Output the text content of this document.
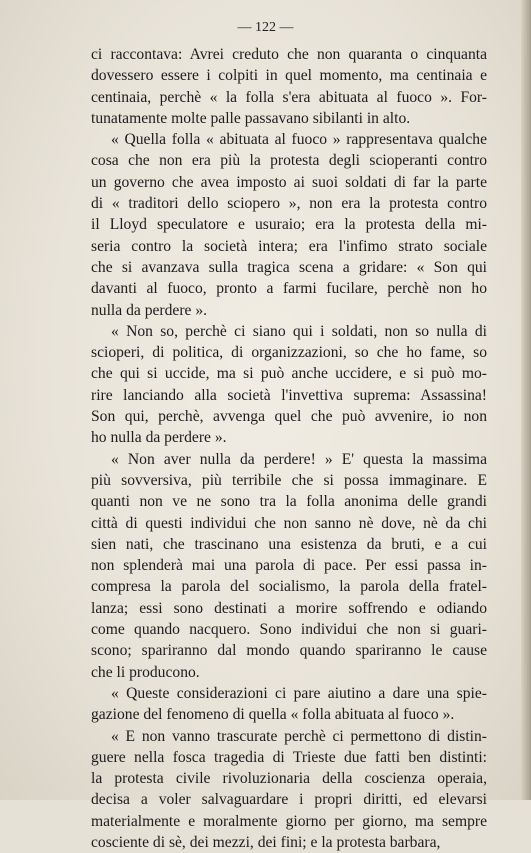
— 122 —

ci raccontava: Avrei creduto che non quaranta o cinquanta
dovessero essere i colpiti in quel momento, ma centinaia e
centinaia, perchè « la folla s'era abituata al fuoco ». For-
tunatamente molte palle passavano sibilanti in alto.

« Quella folla « abituata al fuoco » rappresentava qualche
cosa che non era più la protesta degli scioperanti contro
un governo che avea imposto ai suoi soldati di far la parte
di « traditori dello sciopero », non era la protesta contro
il Lloyd speculatore e usuraio; era la protesta della mi-
seria contro la società intera; era l'infimo strato sociale
che si avanzava sulla tragica scena a gridare: « Son qui
davanti al fuoco, pronto a farmi fucilare, perchè non ho
nulla da perdere ».

« Non so, perchè ci siano qui i soldati, non so nulla di
scioperi, di politica, di organizzazioni, so che ho fame, so
che qui si uccide, ma si può anche uccidere, e si può mo-
rire lanciando alla società l'invettiva suprema: Assassina!
Son qui, perchè, avvenga quel che può avvenire, io non
ho nulla da perdere ».

« Non aver nulla da perdere! » E' questa la massima
più sovversiva, più terribile che si possa immaginare. E
quanti non ve ne sono tra la folla anonima delle grandi
città di questi individui che non sanno nè dove, nè da chi
sien nati, che trascinano una esistenza da bruti, e a cui
non splenderà mai una parola di pace. Per essi passa in-
compresa la parola del socialismo, la parola della fratel-
lanza; essi sono destinati a morire soffrendo e odiando
come quando nacquero. Sono individui che non si guari-
scono; spariranno dal mondo quando spariranno le cause
che li producono.

« Queste considerazioni ci pare aiutino a dare una spie-
gazione del fenomeno di quella « folla abituata al fuoco ».

« E non vanno trascurate perchè ci permettono di distin-
guere nella fosca tragedia di Trieste due fatti ben distinti:
la protesta civile rivoluzionaria della coscienza operaia,
decisa a voler salvaguardare i propri diritti, ed elevarsi
materialmente e moralmente giorno per giorno, ma sempre
cosciente di sè, dei mezzi, dei fini; e la protesta barbara,
